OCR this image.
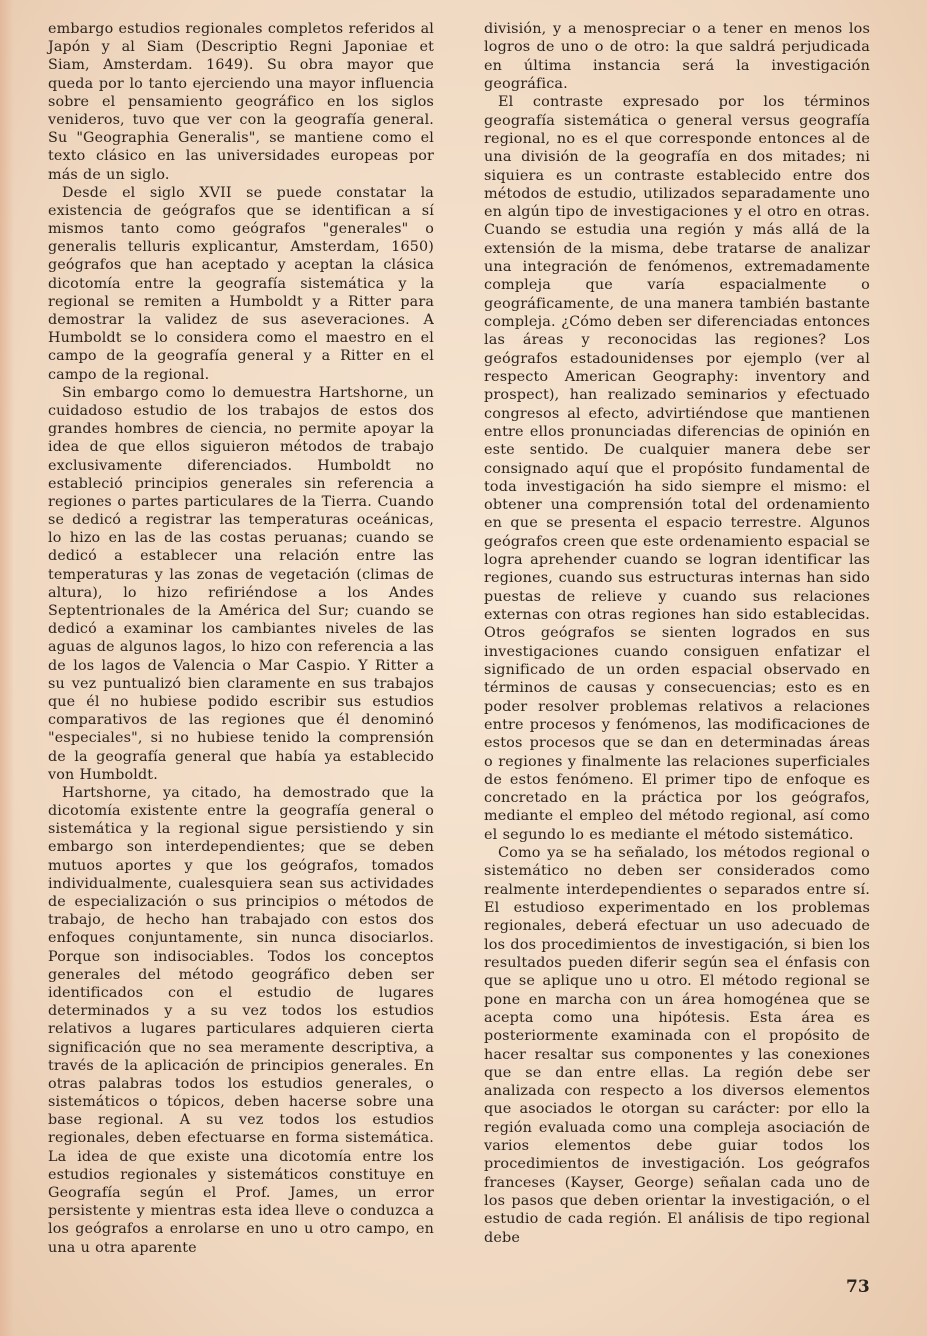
embargo estudios regionales completos referidos al Japón y al Siam (Descriptio Regni Japoniae et Siam, Amsterdam. 1649). Su obra mayor que queda por lo tanto ejerciendo una mayor influencia sobre el pensamiento geográfico en los siglos venideros, tuvo que ver con la geografía general. Su "Geographia Generalis", se mantiene como el texto clásico en las universidades europeas por más de un siglo.

Desde el siglo XVII se puede constatar la existencia de geógrafos que se identifican a sí mismos tanto como geógrafos "generales" o generalis telluris explicantur, Amsterdam, 1650) geógrafos que han aceptado y aceptan la clásica dicotomía entre la geografía sistemática y la regional se remiten a Humboldt y a Ritter para demostrar la validez de sus aseveraciones. A Humboldt se lo considera como el maestro en el campo de la geografía general y a Ritter en el campo de la regional.

Sin embargo como lo demuestra Hartshorne, un cuidadoso estudio de los trabajos de estos dos grandes hombres de ciencia, no permite apoyar la idea de que ellos siguieron métodos de trabajo exclusivamente diferenciados. Humboldt no estableció principios generales sin referencia a regiones o partes particulares de la Tierra. Cuando se dedicó a registrar las temperaturas oceánicas, lo hizo en las de las costas peruanas; cuando se dedicó a establecer una relación entre las temperaturas y las zonas de vegetación (climas de altura), lo hizo refiriéndose a los Andes Septentrionales de la América del Sur; cuando se dedicó a examinar los cambiantes niveles de las aguas de algunos lagos, lo hizo con referencia a las de los lagos de Valencia o Mar Caspio. Y Ritter a su vez puntualizó bien claramente en sus trabajos que él no hubiese podido escribir sus estudios comparativos de las regiones que él denominó "especiales", si no hubiese tenido la comprensión de la geografía general que había ya establecido von Humboldt.

Hartshorne, ya citado, ha demostrado que la dicotomía existente entre la geografía general o sistemática y la regional sigue persistiendo y sin embargo son interdependientes; que se deben mutuos aportes y que los geógrafos, tomados individualmente, cualesquiera sean sus actividades de especialización o sus principios o métodos de trabajo, de hecho han trabajado con estos dos enfoques conjuntamente, sin nunca disociarlos. Porque son indisociables. Todos los conceptos generales del método geográfico deben ser identificados con el estudio de lugares determinados y a su vez todos los estudios relativos a lugares particulares adquieren cierta significación que no sea meramente descriptiva, a través de la aplicación de principios generales. En otras palabras todos los estudios generales, o sistemáticos o tópicos, deben hacerse sobre una base regional. A su vez todos los estudios regionales, deben efectuarse en forma sistemática. La idea de que existe una dicotomía entre los estudios regionales y sistemáticos constituye en Geografía según el Prof. James, un error persistente y mientras esta idea lleve o conduzca a los geógrafos a enrolarse en uno u otro campo, en una u otra aparente

división, y a menospreciar o a tener en menos los logros de uno o de otro: la que saldrá perjudicada en última instancia será la investigación geográfica.

El contraste expresado por los términos geografía sistemática o general versus geografía regional, no es el que corresponde entonces al de una división de la geografía en dos mitades; ni siquiera es un contraste establecido entre dos métodos de estudio, utilizados separadamente uno en algún tipo de investigaciones y el otro en otras. Cuando se estudia una región y más allá de la extensión de la misma, debe tratarse de analizar una integración de fenómenos, extremadamente compleja que varía espacialmente o geográficamente, de una manera también bastante compleja. ¿Cómo deben ser diferenciadas entonces las áreas y reconocidas las regiones? Los geógrafos estadounidenses por ejemplo (ver al respecto American Geography: inventory and prospect), han realizado seminarios y efectuado congresos al efecto, advirtiéndose que mantienen entre ellos pronunciadas diferencias de opinión en este sentido. De cualquier manera debe ser consignado aquí que el propósito fundamental de toda investigación ha sido siempre el mismo: el obtener una comprensión total del ordenamiento en que se presenta el espacio terrestre. Algunos geógrafos creen que este ordenamiento espacial se logra aprehender cuando se logran identificar las regiones, cuando sus estructuras internas han sido puestas de relieve y cuando sus relaciones externas con otras regiones han sido establecidas. Otros geógrafos se sienten logrados en sus investigaciones cuando consiguen enfatizar el significado de un orden espacial observado en términos de causas y consecuencias; esto es en poder resolver problemas relativos a relaciones entre procesos y fenómenos, las modificaciones de estos procesos que se dan en determinadas áreas o regiones y finalmente las relaciones superficiales de estos fenómeno. El primer tipo de enfoque es concretado en la práctica por los geógrafos, mediante el empleo del método regional, así como el segundo lo es mediante el método sistemático.

Como ya se ha señalado, los métodos regional o sistemático no deben ser considerados como realmente interdependientes o separados entre sí. El estudioso experimentado en los problemas regionales, deberá efectuar un uso adecuado de los dos procedimientos de investigación, si bien los resultados pueden diferir según sea el énfasis con que se aplique uno u otro. El método regional se pone en marcha con un área homogénea que se acepta como una hipótesis. Esta área es posteriormente examinada con el propósito de hacer resaltar sus componentes y las conexiones que se dan entre ellas. La región debe ser analizada con respecto a los diversos elementos que asociados le otorgan su carácter: por ello la región evaluada como una compleja asociación de varios elementos debe guiar todos los procedimientos de investigación. Los geógrafos franceses (Kayser, George) señalan cada uno de los pasos que deben orientar la investigación, o el estudio de cada región. El análisis de tipo regional debe

73
